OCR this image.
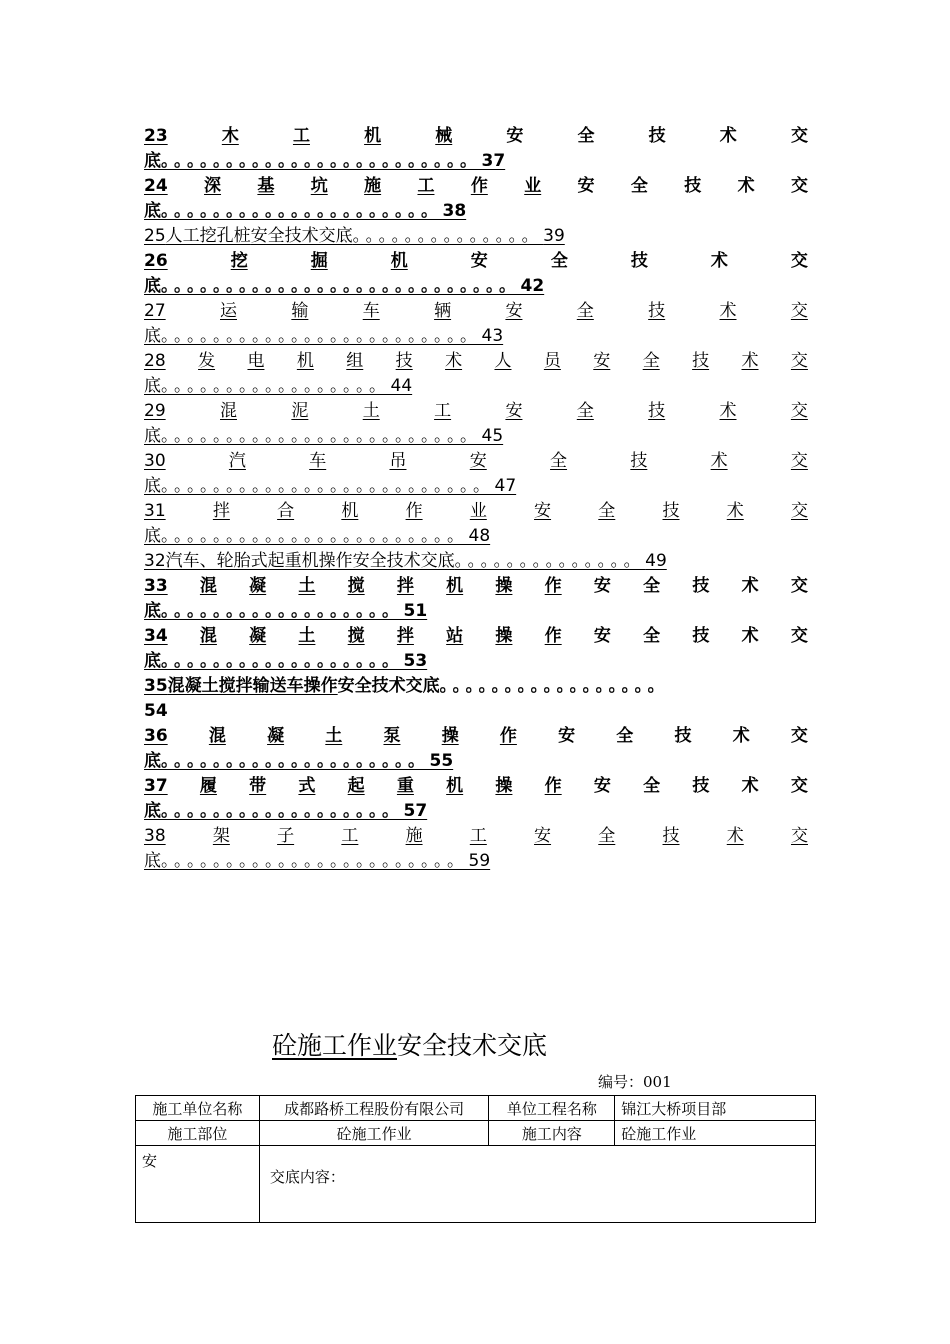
23	木	工	机	械	安	全	技	术	交
底。。。。。。。。。。。。。。。。。。。。。。。。37
24 深 基 坑 施 工 作 业 安 全 技 术 交
底。。。。。。。。。。。。。。。。。。。。。38
25人工挖孔桩安全技术交底。。。。。。。。。。。。。。39
26	挖	掘	机	安	全	技	术	交
底。。。。。。。。。。。。。。。。。。。。。。。。。。。42
27	运	输	车	辆	安	全	技	术	交
底。。。。。。。。。。。。。。。。。。。。。。。。43
28 发 电 机 组 技 术 人 员 安 全 技 术 交
底。。。。。。。。。。。。。。。。。44
29	混	泥	土	工	安	全	技	术	交
底。。。。。。。。。。。。。。。。。。。。。。。。45
30	汽	车	吊	安	全	技	术	交
底。。。。。。。。。。。。。。。。。。。。。。。。。47
31	拌	合	机	作	业	安	全	技	术	交
底。。。。。。。。。。。。。。。。。。。。。。。48
32汽车、轮胎式起重机操作安全技术交底。。。。。。。。。。。。。。49
33 混 凝 土 搅 拌 机 操 作 安 全 技 术 交
底。。。。。。。。。。。。。。。。。。51
34 混 凝 土 搅 拌 站 操 作 安 全 技 术 交
底。。。。。。。。。。。。。。。。。。53
35混凝土搅拌输送车操作安全技术交底。。。。。。。。。。。。。。。。。
54
36 混 凝 土 泵 操 作 安 全 技 术 交
底。。。。。。。。。。。。。。。。。。。。55
37 履 带 式 起 重 机 操 作 安 全 技 术 交
底。。。。。。。。。。。。。。。。。。57
38	架	子	工	施	工	安	全	技	术	交
底。。。。。。。。。。。。。。。。。。。。。。。59
砼施工作业安全技术交底
编号：001
施工单位名称	成都路桥工程股份有限公司	单位工程名称	锦江大桥项目部
施工部位	砼施工作业	施工内容	砼施工作业
安	交底内容：		
